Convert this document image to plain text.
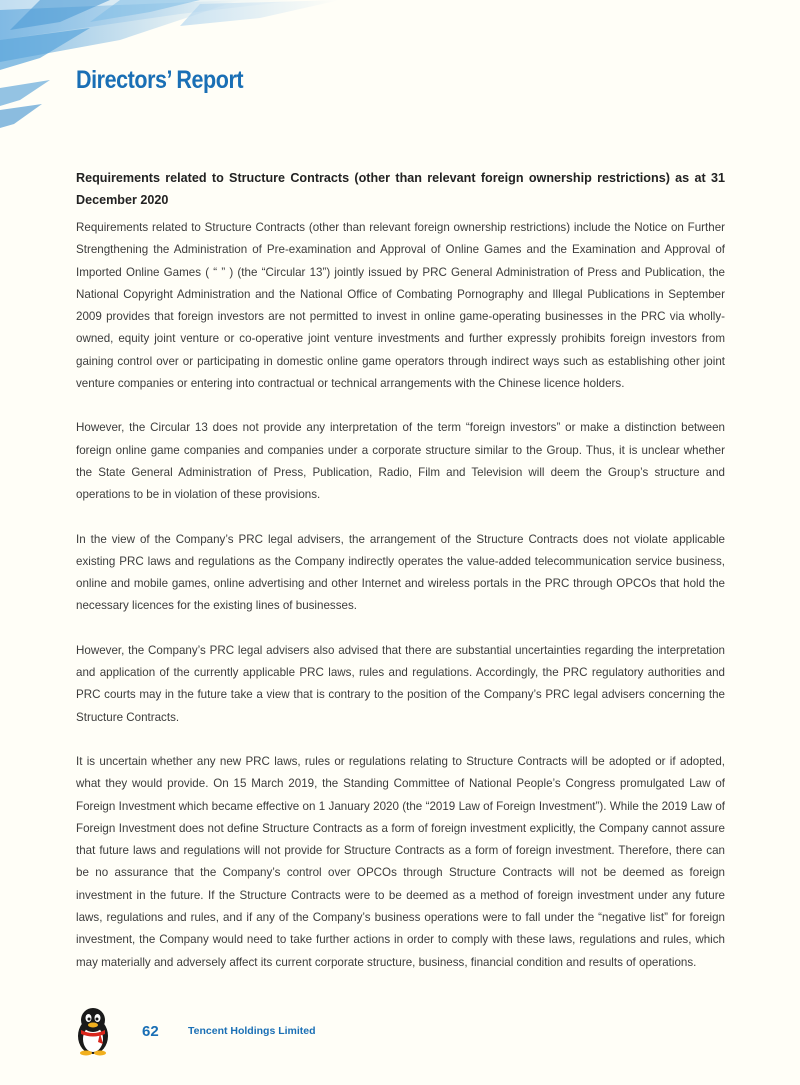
Directors’ Report
Requirements related to Structure Contracts (other than relevant foreign ownership restrictions) as at 31 December 2020

Requirements related to Structure Contracts (other than relevant foreign ownership restrictions) include the Notice on Further Strengthening the Administration of Pre-examination and Approval of Online Games and the Examination and Approval of Imported Online Games ( “ ” ) (the “Circular 13”) jointly issued by PRC General Administration of Press and Publication, the National Copyright Administration and the National Office of Combating Pornography and Illegal Publications in September 2009 provides that foreign investors are not permitted to invest in online game-operating businesses in the PRC via wholly-owned, equity joint venture or co-operative joint venture investments and further expressly prohibits foreign investors from gaining control over or participating in domestic online game operators through indirect ways such as establishing other joint venture companies or entering into contractual or technical arrangements with the Chinese licence holders.

However, the Circular 13 does not provide any interpretation of the term “foreign investors” or make a distinction between foreign online game companies and companies under a corporate structure similar to the Group. Thus, it is unclear whether the State General Administration of Press, Publication, Radio, Film and Television will deem the Group’s structure and operations to be in violation of these provisions.

In the view of the Company’s PRC legal advisers, the arrangement of the Structure Contracts does not violate applicable existing PRC laws and regulations as the Company indirectly operates the value-added telecommunication service business, online and mobile games, online advertising and other Internet and wireless portals in the PRC through OPCOs that hold the necessary licences for the existing lines of businesses.

However, the Company’s PRC legal advisers also advised that there are substantial uncertainties regarding the interpretation and application of the currently applicable PRC laws, rules and regulations. Accordingly, the PRC regulatory authorities and PRC courts may in the future take a view that is contrary to the position of the Company’s PRC legal advisers concerning the Structure Contracts.

It is uncertain whether any new PRC laws, rules or regulations relating to Structure Contracts will be adopted or if adopted, what they would provide. On 15 March 2019, the Standing Committee of National People’s Congress promulgated Law of Foreign Investment which became effective on 1 January 2020 (the “2019 Law of Foreign Investment”). While the 2019 Law of Foreign Investment does not define Structure Contracts as a form of foreign investment explicitly, the Company cannot assure that future laws and regulations will not provide for Structure Contracts as a form of foreign investment. Therefore, there can be no assurance that the Company’s control over OPCOs through Structure Contracts will not be deemed as foreign investment in the future. If the Structure Contracts were to be deemed as a method of foreign investment under any future laws, regulations and rules, and if any of the Company’s business operations were to fall under the “negative list” for foreign investment, the Company would need to take further actions in order to comply with these laws, regulations and rules, which may materially and adversely affect its current corporate structure, business, financial condition and results of operations.

62	Tencent Holdings Limited
